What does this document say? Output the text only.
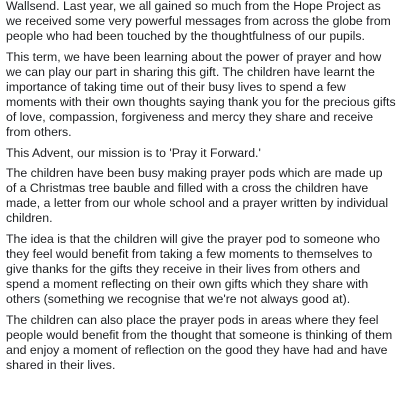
Wallsend. Last year, we all gained so much from the Hope Project as we received some very powerful messages from across the globe from people who had been touched by the thoughtfulness of our pupils.

This term, we have been learning about the power of prayer and how we can play our part in sharing this gift. The children have learnt the importance of taking time out of their busy lives to spend a few moments with their own thoughts saying thank you for the precious gifts of love, compassion, forgiveness and mercy they share and receive from others.

This Advent, our mission is to 'Pray it Forward.'

The children have been busy making prayer pods which are made up of a Christmas tree bauble and filled with a cross the children have made, a letter from our whole school and a prayer written by individual children.

The idea is that the children will give the prayer pod to someone who they feel would benefit from taking a few moments to themselves to give thanks for the gifts they receive in their lives from others and spend a moment reflecting on their own gifts which they share with others (something we recognise that we're not always good at).

The children can also place the prayer pods in areas where they feel people would benefit from the thought that someone is thinking of them and enjoy a moment of reflection on the good they have had and have shared in their lives.
